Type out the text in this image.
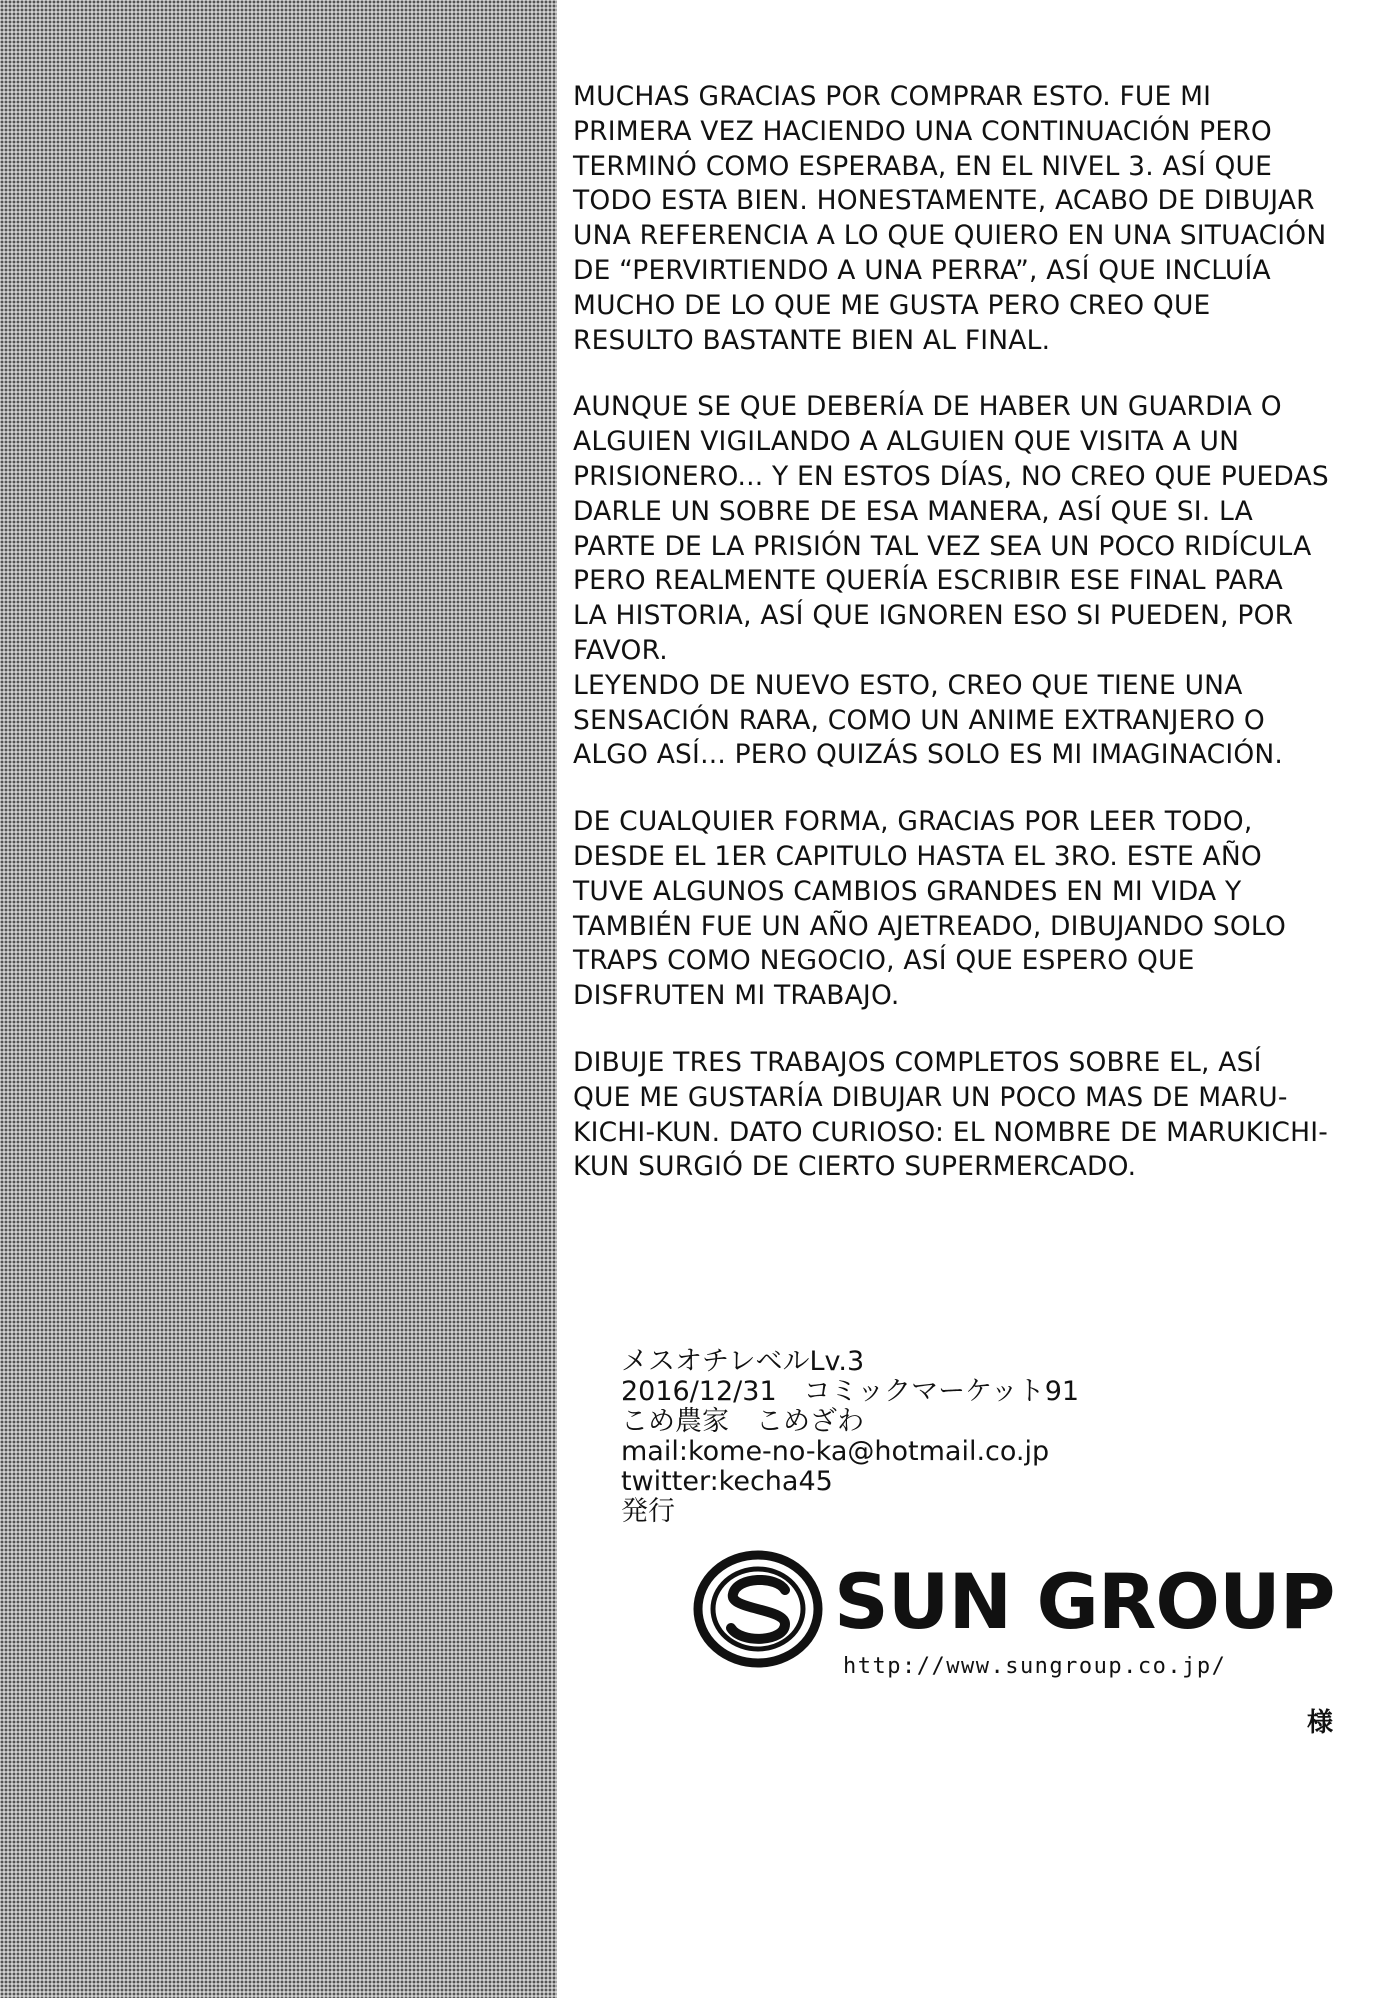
MUCHAS GRACIAS POR COMPRAR ESTO. FUE MI
PRIMERA VEZ HACIENDO UNA CONTINUACIÓN PERO
TERMINÓ COMO ESPERABA, EN EL NIVEL 3. ASÍ QUE
TODO ESTA BIEN. HONESTAMENTE, ACABO DE DIBUJAR
UNA REFERENCIA A LO QUE QUIERO EN UNA SITUACIÓN
DE “PERVIRTIENDO A UNA PERRA”, ASÍ QUE INCLUÍA
MUCHO DE LO QUE ME GUSTA PERO CREO QUE
RESULTO BASTANTE BIEN AL FINAL.

AUNQUE SE QUE DEBERÍA DE HABER UN GUARDIA O
ALGUIEN VIGILANDO A ALGUIEN QUE VISITA A UN
PRISIONERO... Y EN ESTOS DÍAS, NO CREO QUE PUEDAS
DARLE UN SOBRE DE ESA MANERA, ASÍ QUE SI. LA
PARTE DE LA PRISIÓN TAL VEZ SEA UN POCO RIDÍCULA
PERO REALMENTE QUERÍA ESCRIBIR ESE FINAL PARA
LA HISTORIA, ASÍ QUE IGNOREN ESO SI PUEDEN, POR
FAVOR.

LEYENDO DE NUEVO ESTO, CREO QUE TIENE UNA
SENSACIÓN RARA, COMO UN ANIME EXTRANJERO O
ALGO ASÍ... PERO QUIZÁS SOLO ES MI IMAGINACIÓN.

DE CUALQUIER FORMA, GRACIAS POR LEER TODO,
DESDE EL 1ER CAPITULO HASTA EL 3RO. ESTE AÑO
TUVE ALGUNOS CAMBIOS GRANDES EN MI VIDA Y
TAMBIÉN FUE UN AÑO AJETREADO, DIBUJANDO SOLO
TRAPS COMO NEGOCIO, ASÍ QUE ESPERO QUE
DISFRUTEN MI TRABAJO.

DIBUJE TRES TRABAJOS COMPLETOS SOBRE EL, ASÍ
QUE ME GUSTARÍA DIBUJAR UN POCO MAS DE MARU-
KICHI-KUN. DATO CURIOSO: EL NOMBRE DE MARUKICHI-
KUN SURGIÓ DE CIERTO SUPERMERCADO.

メスオチレベルLv.3
2016/12/31　コミックマーケット91
こめ農家　こめざわ
mail:kome-no-ka@hotmail.co.jp
twitter:kecha45
発行
SUN GROUP
http://www.sungroup.co.jp/
様
